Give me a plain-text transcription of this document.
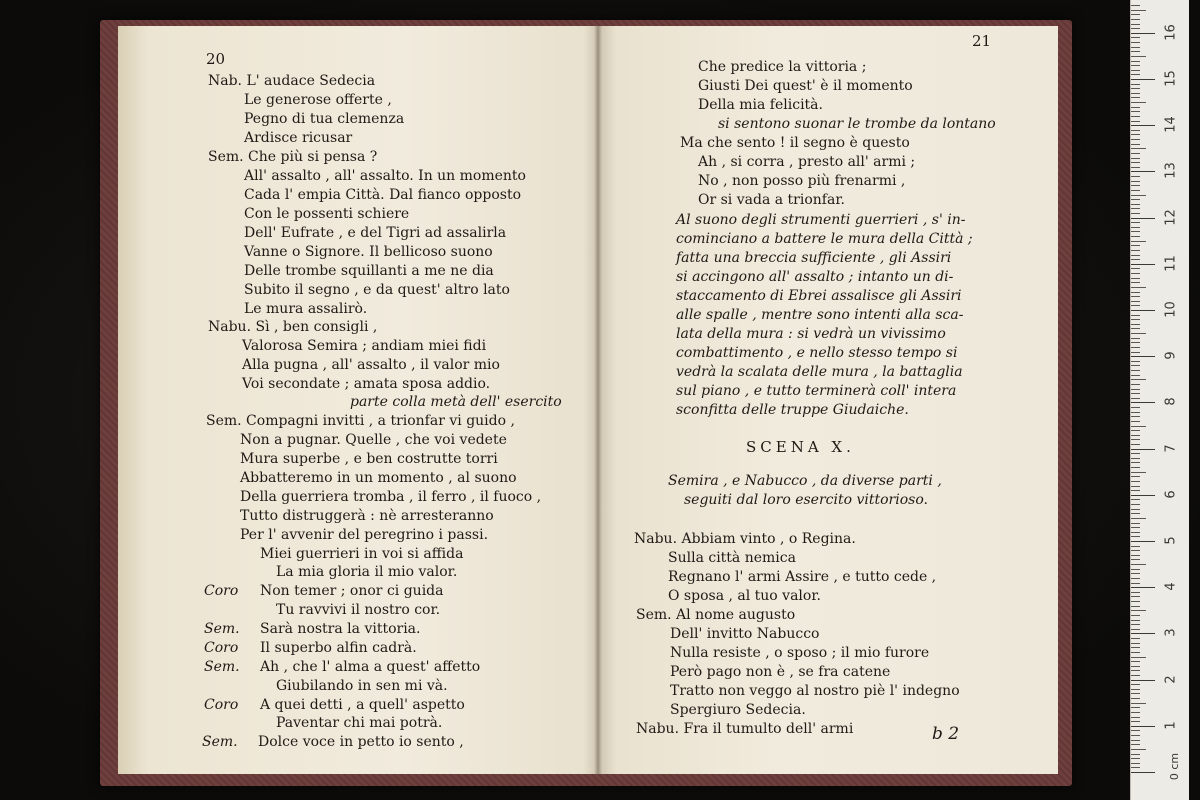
20
Nab. L' audace Sedecia
Le generose offerte ,
Pegno di tua clemenza
Ardisce ricusar
Sem. Che più si pensa ?
All' assalto , all' assalto. In un momento
Cada l' empia Città. Dal fianco opposto
Con le possenti schiere
Dell' Eufrate , e del Tigri ad assalirla
Vanne o Signore. Il bellicoso suono
Delle trombe squillanti a me ne dia
Subito il segno , e da quest' altro lato
Le mura assalirò.
Nabu. Sì , ben consigli ,
Valorosa Semira ; andiam miei fidi
Alla pugna , all' assalto , il valor mio
Voi secondate ; amata sposa addio.
parte colla metà dell' esercito
Sem. Compagni invitti , a trionfar vi guido ,
Non a pugnar. Quelle , che voi vedete
Mura superbe , e ben costrutte torri
Abbatteremo in un momento , al suono
Della guerriera tromba , il ferro , il fuoco ,
Tutto distruggerà : nè arresteranno
Per l' avvenir del peregrino i passi.
Miei guerrieri in voi si affida
La mia gloria il mio valor.
Coro Non temer ; onor ci guida
Tu ravvivi il nostro cor.
Sem. Sarà nostra la vittoria.
Coro Il superbo alfin cadrà.
Sem. Ah , che l' alma a quest' affetto
Giubilando in sen mi và.
Coro A quei detti , a quell' aspetto
Paventar chi mai potrà.
Sem. Dolce voce in petto io sento ,
21
SCENA X.
b 2
Che predice la vittoria ;
Giusti Dei quest' è il momento
Della mia felicità.
si sentono suonar le trombe da lontano
Ma che sento ! il segno è questo
Ah , si corra , presto all' armi ;
No , non posso più frenarmi ,
Or si vada a trionfar.
Al suono degli strumenti guerrieri , s' in-
cominciano a battere le mura della Città ;
fatta una breccia sufficiente , gli Assiri
si accingono all' assalto ; intanto un di-
staccamento di Ebrei assalisce gli Assiri
alle spalle , mentre sono intenti alla sca-
lata della mura : si vedrà un vivissimo
combattimento , e nello stesso tempo si
vedrà la scalata delle mura , la battaglia
sul piano , e tutto terminerà coll' intera
sconfitta delle truppe Giudaiche.
Semira , e Nabucco , da diverse parti ,
seguiti dal loro esercito vittorioso.
Nabu. Abbiam vinto , o Regina.
Sulla città nemica
Regnano l' armi Assire , e tutto cede ,
O sposa , al tuo valor.
Sem. Al nome augusto
Dell' invitto Nabucco
Nulla resiste , o sposo ; il mio furore
Però pago non è , se fra catene
Tratto non veggo al nostro piè l' indegno
Spergiuro Sedecia.
Nabu. Fra il tumulto dell' armi
0 cm
1
2
3
4
5
6
7
8
9
10
11
12
13
14
15
16
